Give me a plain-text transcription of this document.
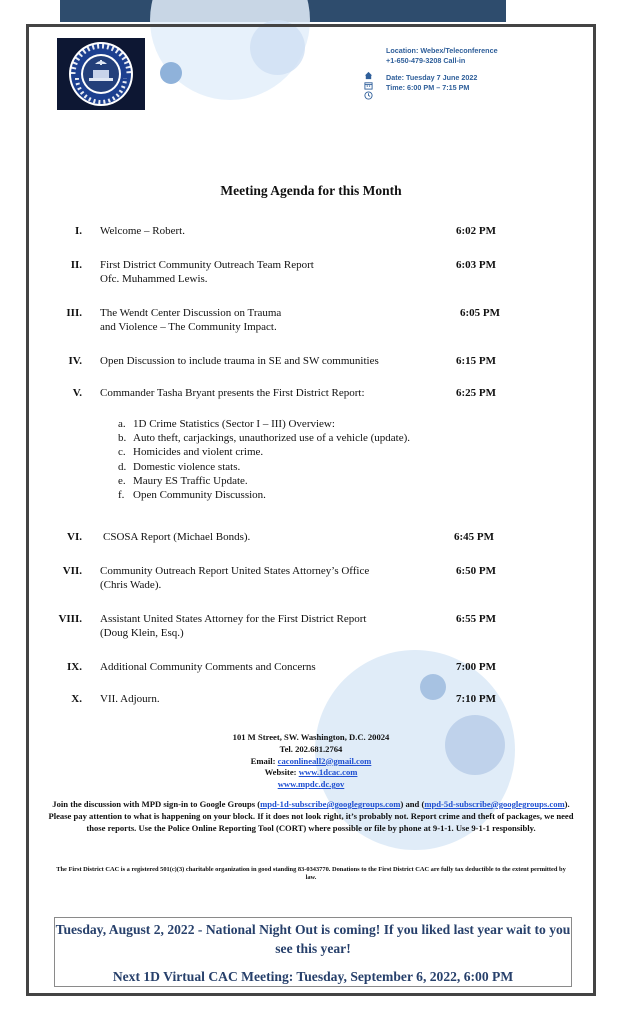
Location: Webex/Teleconference
+1-650-479-3208 Call-in
Date: Tuesday 7 June 2022
Time: 6:00 PM – 7:15 PM
Meeting Agenda for this Month
I. Welcome – Robert.	6:02 PM
II. First District Community Outreach Team Report	6:03 PM
Ofc. Muhammed Lewis.
III. The Wendt Center Discussion on Trauma	6:05 PM
and Violence – The Community Impact.
IV. Open Discussion to include trauma in SE and SW communities	6:15 PM
V. Commander Tasha Bryant presents the First District Report:	6:25 PM
a. 1D Crime Statistics (Sector I – III) Overview:
b. Auto theft, carjackings, unauthorized use of a vehicle (update).
c. Homicides and violent crime.
d. Domestic violence stats.
e. Maury ES Traffic Update.
f. Open Community Discussion.
VI. CSOSA Report (Michael Bonds).	6:45 PM
VII. Community Outreach Report United States Attorney’s Office	6:50 PM
(Chris Wade).
VIII. Assistant United States Attorney for the First District Report	6:55 PM
(Doug Klein, Esq.)
IX. Additional Community Comments and Concerns	7:00 PM
X. VII. Adjourn.	7:10 PM
101 M Street, SW. Washington, D.C. 20024
Tel. 202.681.2764
Email: caconlineall2@gmail.com
Website: www.1dcac.com
www.mpdc.dc.gov
Join the discussion with MPD sign-in to Google Groups (mpd-1d-subscribe@googlegroups.com) and (mpd-5d-subscribe@googlegroups.com). Please pay attention to what is happening on your block. If it does not look right, it’s probably not. Report crime and theft of packages, we need those reports. Use the Police Online Reporting Tool (CORT) where possible or file by phone at 9-1-1. Use 9-1-1 responsibly.
The First District CAC is a registered 501(c)(3) charitable organization in good standing 83-0343770. Donations to the First District CAC are fully tax deductible to the extent permitted by law.
Tuesday, August 2, 2022 - National Night Out is coming! If you liked last year wait to you see this year!
Next 1D Virtual CAC Meeting: Tuesday, September 6, 2022, 6:00 PM
